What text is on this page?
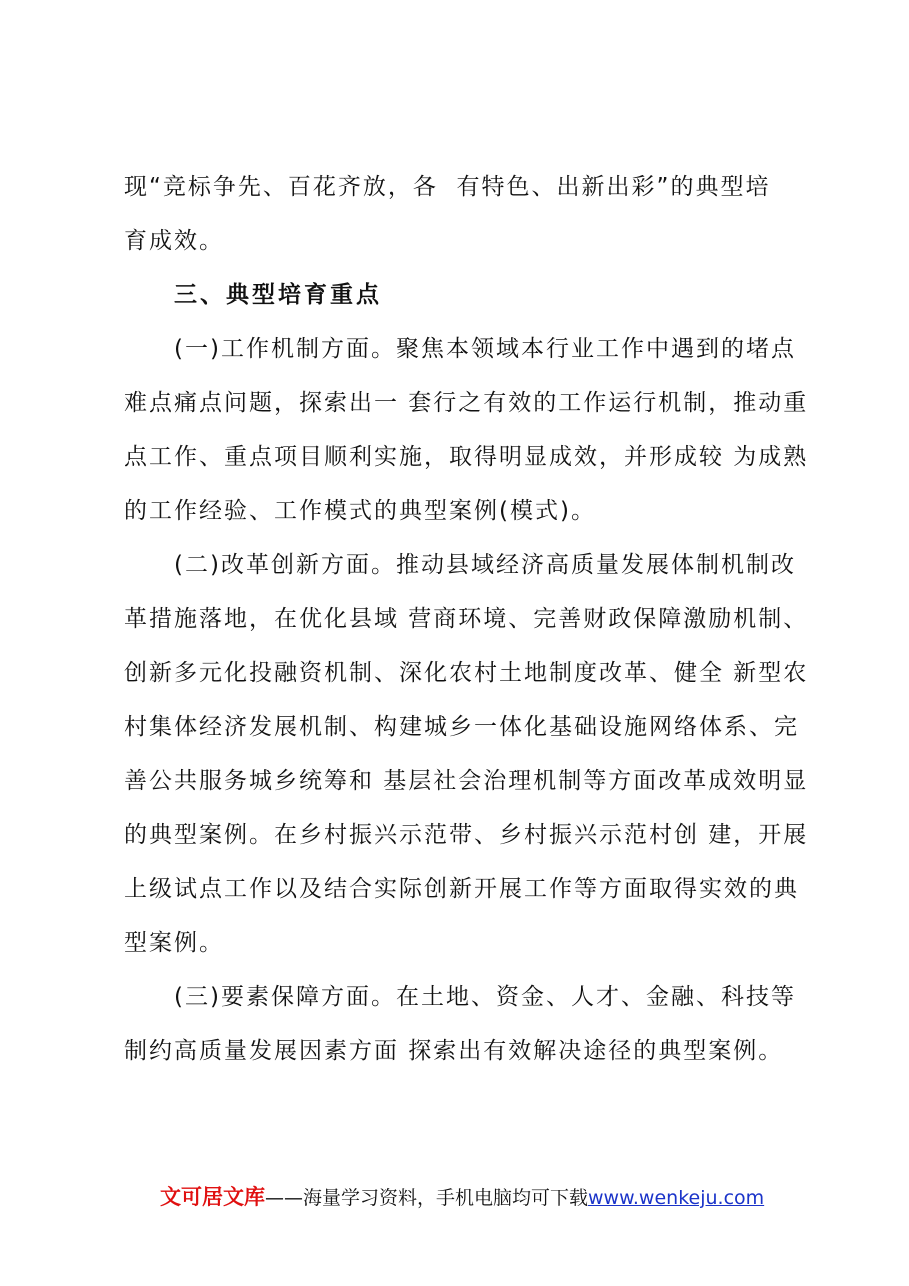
现“竞标争先、百花齐放，各  有特色、出新出彩”的典型培
育成效。
三、典型培育重点
(一)工作机制方面。聚焦本领域本行业工作中遇到的堵点
难点痛点问题，探索出一 套行之有效的工作运行机制，推动重
点工作、重点项目顺利实施，取得明显成效，并形成较 为成熟
的工作经验、工作模式的典型案例(模式)。
(二)改革创新方面。推动县域经济高质量发展体制机制改
革措施落地，在优化县域 营商环境、完善财政保障激励机制、
创新多元化投融资机制、深化农村土地制度改革、健全 新型农
村集体经济发展机制、构建城乡一体化基础设施网络体系、完
善公共服务城乡统筹和 基层社会治理机制等方面改革成效明显
的典型案例。在乡村振兴示范带、乡村振兴示范村创 建，开展
上级试点工作以及结合实际创新开展工作等方面取得实效的典
型案例。
(三)要素保障方面。在土地、资金、人才、金融、科技等
制约高质量发展因素方面 探索出有效解决途径的典型案例。
文可居文库——海量学习资料，手机电脑均可下载www.wenkeju.com
